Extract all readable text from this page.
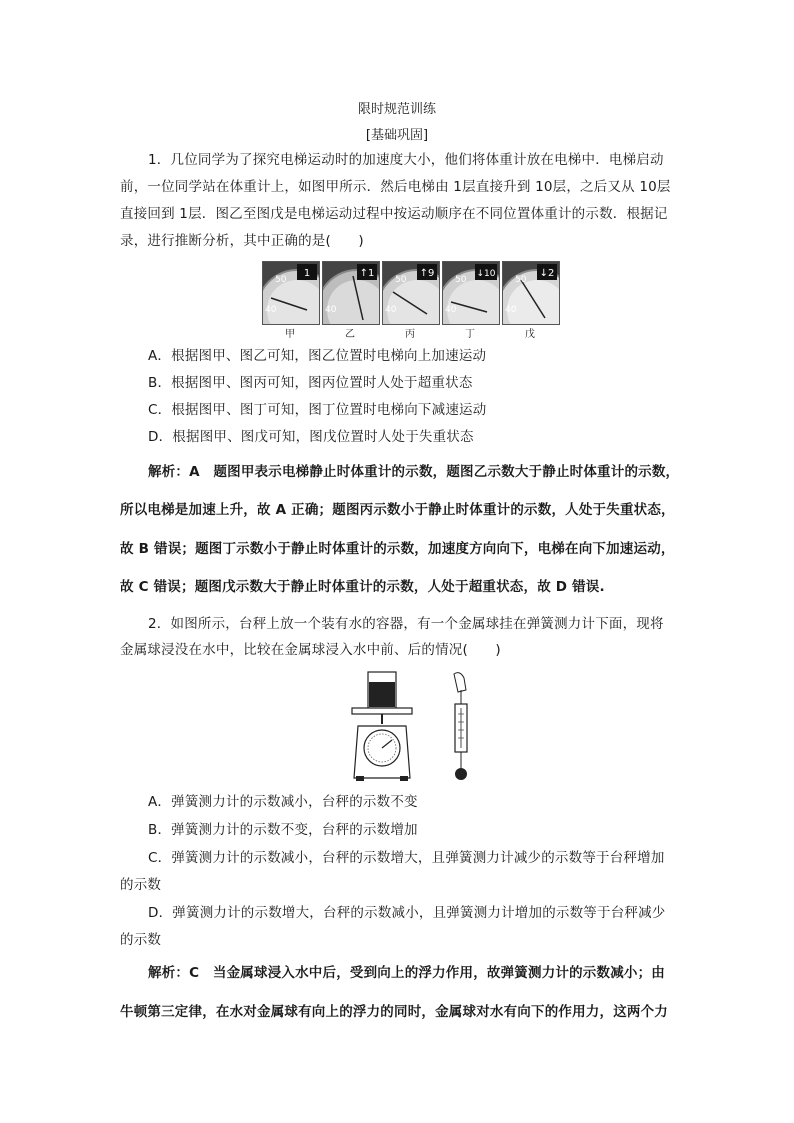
限时规范训练
[基础巩固]
1．几位同学为了探究电梯运动时的加速度大小，他们将体重计放在电梯中．电梯启动
前，一位同学站在体重计上，如图甲所示．然后电梯由 1层直接升到 10层，之后又从 10层
直接回到 1层．图乙至图戊是电梯运动过程中按运动顺序在不同位置体重计的示数．根据记
录，进行推断分析，其中正确的是(　　)
1
50
40
甲
↑1
40
乙
↑9
50
40
丙
↓10
50
40
丁
↓2
50
40
戊
A．根据图甲、图乙可知，图乙位置时电梯向上加速运动
B．根据图甲、图丙可知，图丙位置时人处于超重状态
C．根据图甲、图丁可知，图丁位置时电梯向下减速运动
D．根据图甲、图戊可知，图戊位置时人处于失重状态
解析：A　题图甲表示电梯静止时体重计的示数，题图乙示数大于静止时体重计的示数，
所以电梯是加速上升，故 A 正确；题图丙示数小于静止时体重计的示数，人处于失重状态，
故 B 错误；题图丁示数小于静止时体重计的示数，加速度方向向下，电梯在向下加速运动，
故 C 错误；题图戊示数大于静止时体重计的示数，人处于超重状态，故 D 错误.
2．如图所示，台秤上放一个装有水的容器，有一个金属球挂在弹簧测力计下面，现将
金属球浸没在水中，比较在金属球浸入水中前、后的情况(　　)
A．弹簧测力计的示数减小，台秤的示数不变
B．弹簧测力计的示数不变，台秤的示数增加
C．弹簧测力计的示数减小，台秤的示数增大，且弹簧测力计减少的示数等于台秤增加
的示数
D．弹簧测力计的示数增大，台秤的示数减小，且弹簧测力计增加的示数等于台秤减少
的示数
解析：C　当金属球浸入水中后，受到向上的浮力作用，故弹簧测力计的示数减小；由
牛顿第三定律，在水对金属球有向上的浮力的同时，金属球对水有向下的作用力，这两个力
